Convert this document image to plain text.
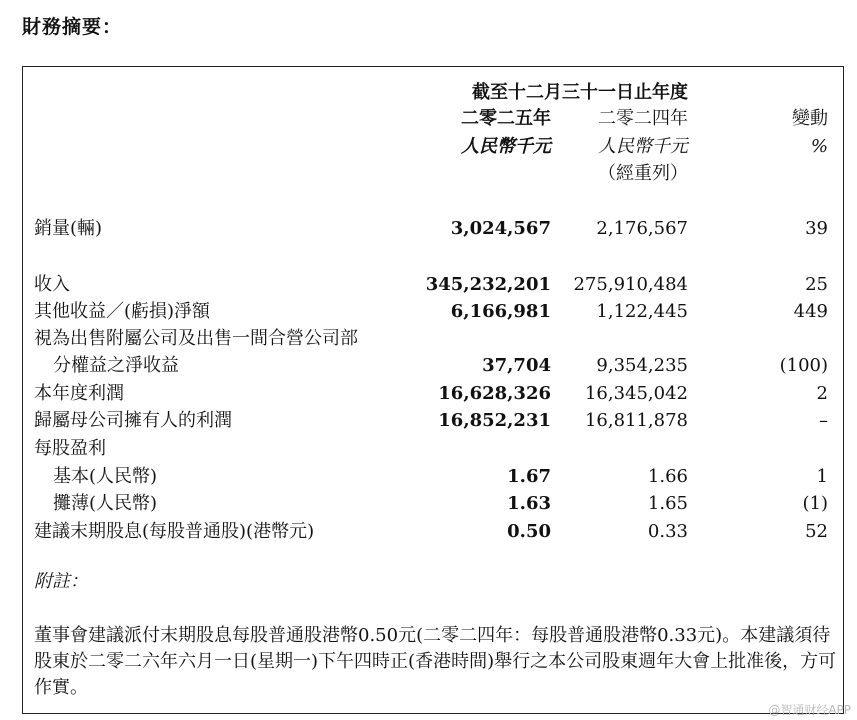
財務摘要：
截至十二月三十一日止年度
二零二五年	二零二四年	變動
人民幣千元	人民幣千元	%
（經重列）
銷量(輛)	3,024,567	2,176,567	39
收入	345,232,201 275,910,484	25
其他收益／(虧損)淨額	6,166,981	1,122,445	449
視為出售附屬公司及出售一間合營公司部
分權益之淨收益	37,704	9,354,235	(100)
本年度利潤	16,628,326 16,345,042	2
歸屬母公司擁有人的利潤	16,852,231 16,811,878	–
每股盈利
基本(人民幣)	1.67	1.66	1
攤薄(人民幣)	1.63	1.65	(1)
建議末期股息(每股普通股)(港幣元)	0.50	0.33	52
附註：
董事會建議派付末期股息每股普通股港幣0.50元(二零二四年：每股普通股港幣0.33元)。本建議須待股東於二零二六年六月一日(星期一)下午四時正(香港時間)舉行之本公司股東週年大會上批准後，方可作實。
@智通财经APP
